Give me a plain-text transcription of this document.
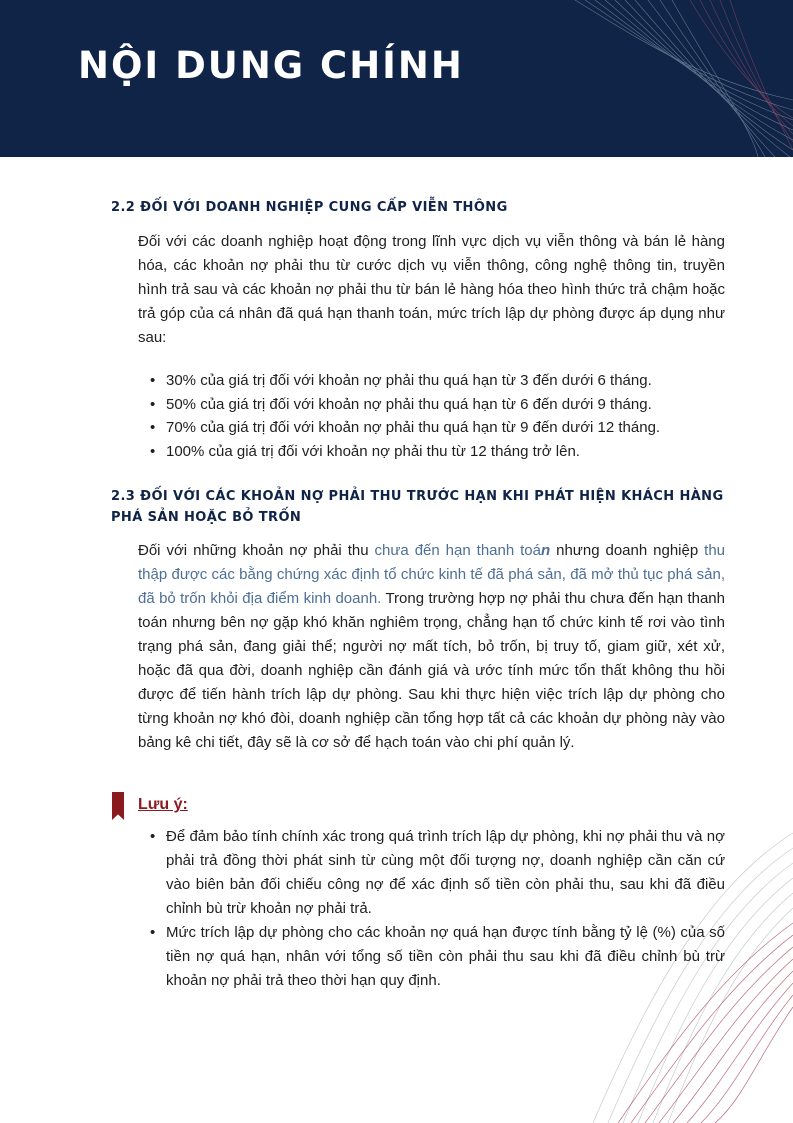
NỘI DUNG CHÍNH
2.2 ĐỐI VỚI DOANH NGHIỆP CUNG CẤP VIỄN THÔNG

Đối với các doanh nghiệp hoạt động trong lĩnh vực dịch vụ viễn thông và bán lẻ hàng hóa, các khoản nợ phải thu từ cước dịch vụ viễn thông, công nghệ thông tin, truyền hình trả sau và các khoản nợ phải thu từ bán lẻ hàng hóa theo hình thức trả chậm hoặc trả góp của cá nhân đã quá hạn thanh toán, mức trích lập dự phòng được áp dụng như sau:

• 30% của giá trị đối với khoản nợ phải thu quá hạn từ 3 đến dưới 6 tháng.
• 50% của giá trị đối với khoản nợ phải thu quá hạn từ 6 đến dưới 9 tháng.
• 70% của giá trị đối với khoản nợ phải thu quá hạn từ 9 đến dưới 12 tháng.
• 100% của giá trị đối với khoản nợ phải thu từ 12 tháng trở lên.
2.3 ĐỐI VỚI CÁC KHOẢN NỢ PHẢI THU TRƯỚC HẠN KHI PHÁT HIỆN KHÁCH HÀNG PHÁ SẢN HOẶC BỎ TRỐN

Đối với những khoản nợ phải thu chưa đến hạn thanh toán nhưng doanh nghiệp thu thập được các bằng chứng xác định tổ chức kinh tế đã phá sản, đã mở thủ tục phá sản, đã bỏ trốn khỏi địa điểm kinh doanh. Trong trường hợp nợ phải thu chưa đến hạn thanh toán nhưng bên nợ gặp khó khăn nghiêm trọng, chẳng hạn tổ chức kinh tế rơi vào tình trạng phá sản, đang giải thể; người nợ mất tích, bỏ trốn, bị truy tố, giam giữ, xét xử, hoặc đã qua đời, doanh nghiệp cần đánh giá và ước tính mức tổn thất không thu hồi được để tiến hành trích lập dự phòng. Sau khi thực hiện việc trích lập dự phòng cho từng khoản nợ khó đòi, doanh nghiệp cần tổng hợp tất cả các khoản dự phòng này vào bảng kê chi tiết, đây sẽ là cơ sở để hạch toán vào chi phí quản lý.

Lưu ý:

• Để đảm bảo tính chính xác trong quá trình trích lập dự phòng, khi nợ phải thu và nợ phải trả đồng thời phát sinh từ cùng một đối tượng nợ, doanh nghiệp cần căn cứ vào biên bản đối chiếu công nợ để xác định số tiền còn phải thu, sau khi đã điều chỉnh bù trừ khoản nợ phải trả.
• Mức trích lập dự phòng cho các khoản nợ quá hạn được tính bằng tỷ lệ (%) của số tiền nợ quá hạn, nhân với tổng số tiền còn phải thu sau khi đã điều chỉnh bù trừ khoản nợ phải trả theo thời hạn quy định.
